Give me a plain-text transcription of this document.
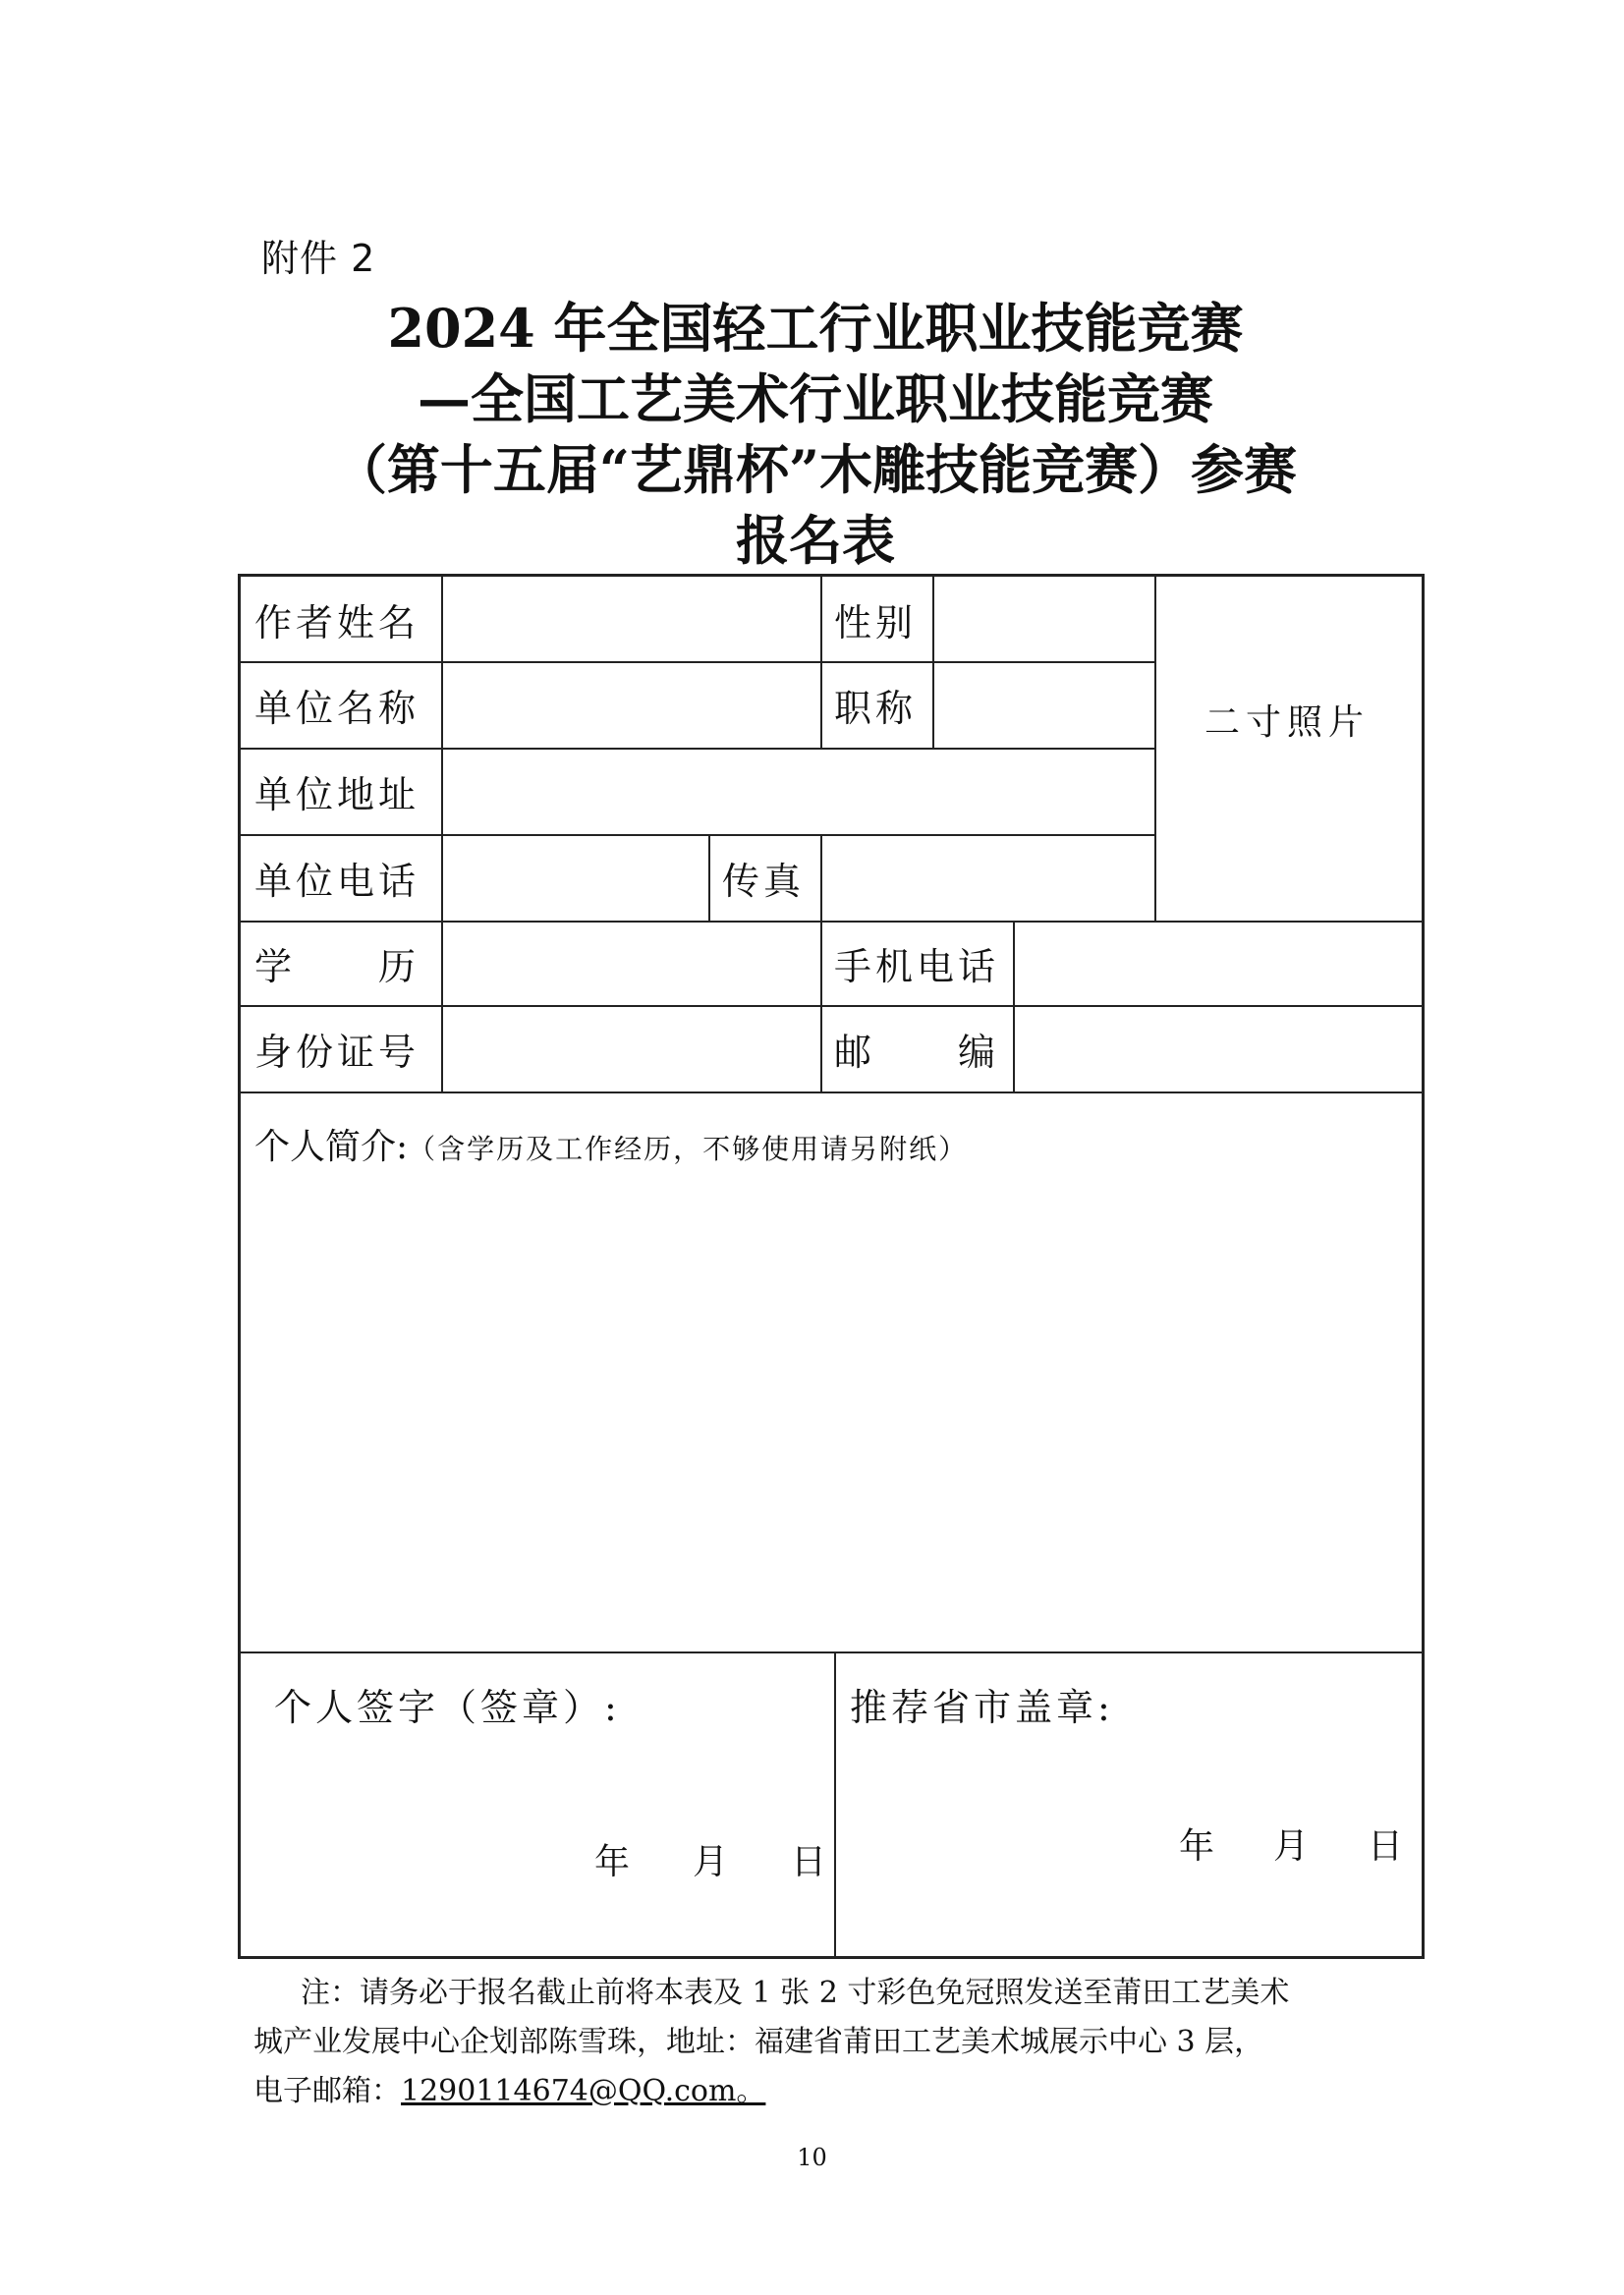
附件 2
2024 年全国轻工行业职业技能竞赛
—全国工艺美术行业职业技能竞赛
（第十五届“艺鼎杯”木雕技能竞赛）参赛
报名表
作者姓名	性别
单位名称	职称	二寸照片
单位地址
单位电话	传真
学　　历	手机电话
身份证号	邮　　编
个人简介:（含学历及工作经历，不够使用请另附纸）
个人签字（签章）:	推荐省市盖章:
年 月 日	年 月 日
注：请务必于报名截止前将本表及 1 张 2 寸彩色免冠照发送至莆田工艺美术
城产业发展中心企划部陈雪珠，地址：福建省莆田工艺美术城展示中心 3 层，
电子邮箱：1290114674@QQ.com。
10
